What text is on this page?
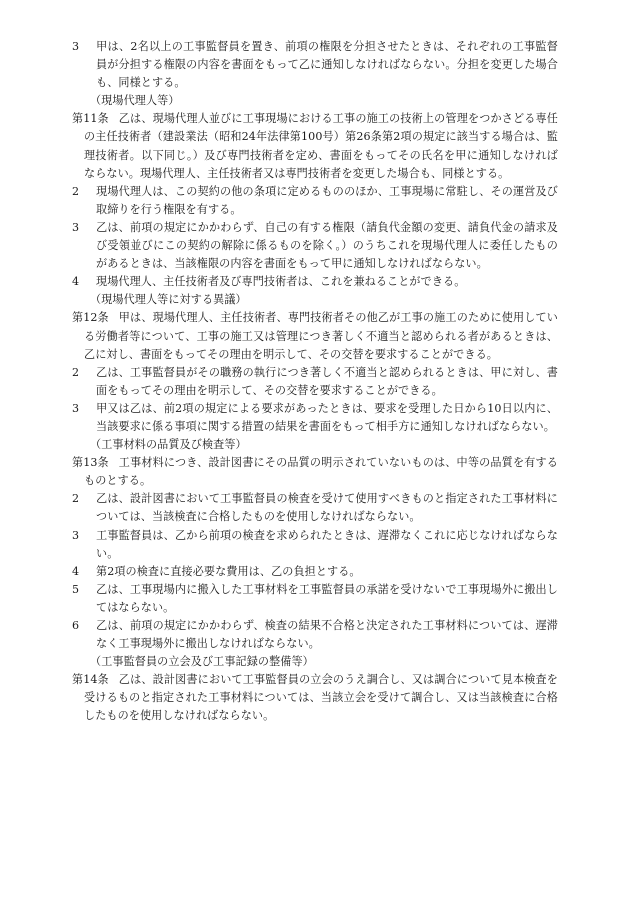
3 甲は、2名以上の工事監督員を置き、前項の権限を分担させたときは、それぞれの工事監督員が分担する権限の内容を書面をもって乙に通知しなければならない。分担を変更した場合も、同様とする。
（現場代理人等）
第11条 乙は、現場代理人並びに工事現場における工事の施工の技術上の管理をつかさどる専任の主任技術者（建設業法（昭和24年法律第100号）第26条第2項の規定に該当する場合は、監理技術者。以下同じ。）及び専門技術者を定め、書面をもってその氏名を甲に通知しなければならない。現場代理人、主任技術者又は専門技術者を変更した場合も、同様とする。
2 現場代理人は、この契約の他の条項に定めるもののほか、工事現場に常駐し、その運営及び取締りを行う権限を有する。
3 乙は、前項の規定にかかわらず、自己の有する権限（請負代金額の変更、請負代金の請求及び受領並びにこの契約の解除に係るものを除く。）のうちこれを現場代理人に委任したものがあるときは、当該権限の内容を書面をもって甲に通知しなければならない。
4 現場代理人、主任技術者及び専門技術者は、これを兼ねることができる。
（現場代理人等に対する異議）
第12条 甲は、現場代理人、主任技術者、専門技術者その他乙が工事の施工のために使用している労働者等について、工事の施工又は管理につき著しく不適当と認められる者があるときは、乙に対し、書面をもってその理由を明示して、その交替を要求することができる。
2 乙は、工事監督員がその職務の執行につき著しく不適当と認められるときは、甲に対し、書面をもってその理由を明示して、その交替を要求することができる。
3 甲又は乙は、前2項の規定による要求があったときは、要求を受理した日から10日以内に、当該要求に係る事項に関する措置の結果を書面をもって相手方に通知しなければならない。
（工事材料の品質及び検査等）
第13条 工事材料につき、設計図書にその品質の明示されていないものは、中等の品質を有するものとする。
2 乙は、設計図書において工事監督員の検査を受けて使用すべきものと指定された工事材料については、当該検査に合格したものを使用しなければならない。
3 工事監督員は、乙から前項の検査を求められたときは、遅滞なくこれに応じなければならない。
4 第2項の検査に直接必要な費用は、乙の負担とする。
5 乙は、工事現場内に搬入した工事材料を工事監督員の承諾を受けないで工事現場外に搬出してはならない。
6 乙は、前項の規定にかかわらず、検査の結果不合格と決定された工事材料については、遅滞なく工事現場外に搬出しなければならない。
（工事監督員の立会及び工事記録の整備等）
第14条 乙は、設計図書において工事監督員の立会のうえ調合し、又は調合について見本検査を受けるものと指定された工事材料については、当該立会を受けて調合し、又は当該検査に合格したものを使用しなければならない。
